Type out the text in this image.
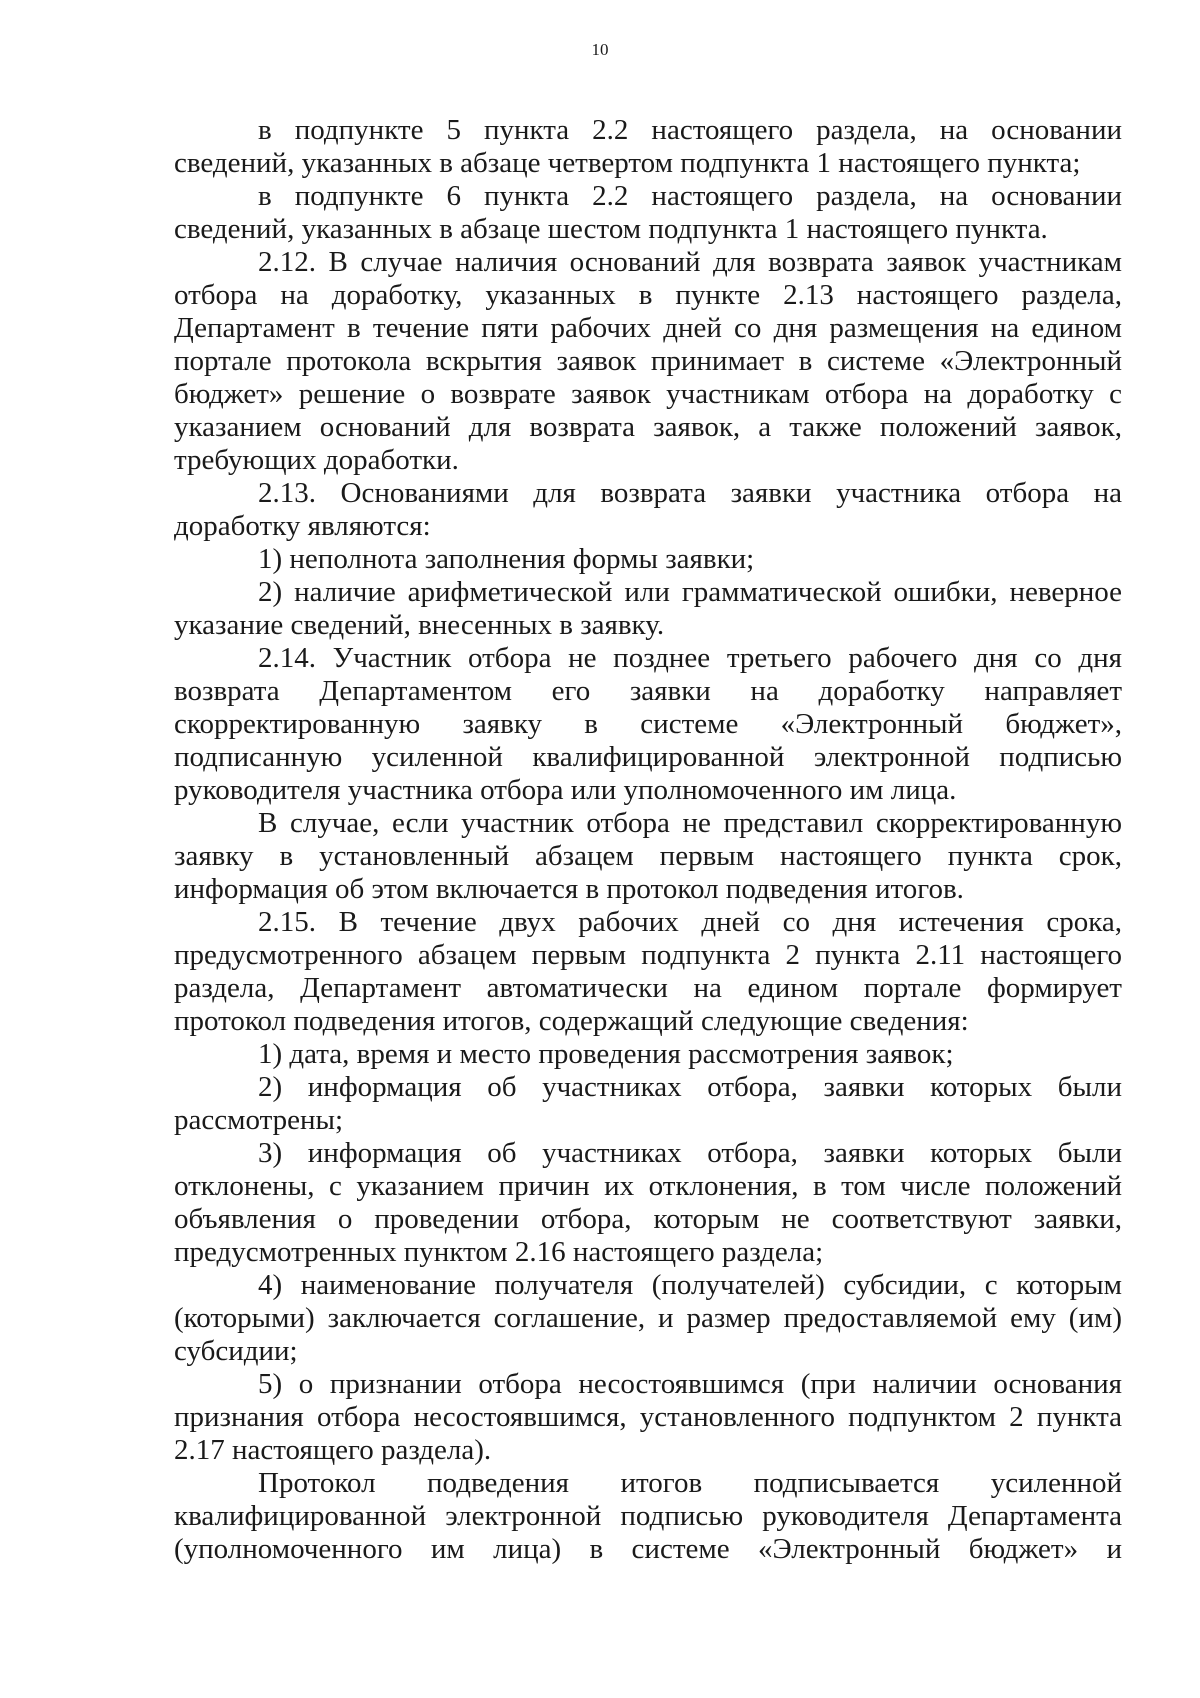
10

в подпункте 5 пункта 2.2 настоящего раздела, на основании сведений, указанных в абзаце четвертом подпункта 1 настоящего пункта;

в подпункте 6 пункта 2.2 настоящего раздела, на основании сведений, указанных в абзаце шестом подпункта 1 настоящего пункта.

2.12. В случае наличия оснований для возврата заявок участникам отбора на доработку, указанных в пункте 2.13 настоящего раздела, Департамент в течение пяти рабочих дней со дня размещения на едином портале протокола вскрытия заявок принимает в системе «Электронный бюджет» решение о возврате заявок участникам отбора на доработку с указанием оснований для возврата заявок, а также положений заявок, требующих доработки.

2.13. Основаниями для возврата заявки участника отбора на доработку являются:

1) неполнота заполнения формы заявки;

2) наличие арифметической или грамматической ошибки, неверное указание сведений, внесенных в заявку.

2.14. Участник отбора не позднее третьего рабочего дня со дня возврата Департаментом его заявки на доработку направляет скорректированную заявку в системе «Электронный бюджет», подписанную усиленной квалифицированной электронной подписью руководителя участника отбора или уполномоченного им лица.

В случае, если участник отбора не представил скорректированную заявку в установленный абзацем первым настоящего пункта срок, информация об этом включается в протокол подведения итогов.

2.15. В течение двух рабочих дней со дня истечения срока, предусмотренного абзацем первым подпункта 2 пункта 2.11 настоящего раздела, Департамент автоматически на едином портале формирует протокол подведения итогов, содержащий следующие сведения:

1) дата, время и место проведения рассмотрения заявок;

2) информация об участниках отбора, заявки которых были рассмотрены;

3) информация об участниках отбора, заявки которых были отклонены, с указанием причин их отклонения, в том числе положений объявления о проведении отбора, которым не соответствуют заявки, предусмотренных пунктом 2.16 настоящего раздела;

4) наименование получателя (получателей) субсидии, с которым (которыми) заключается соглашение, и размер предоставляемой ему (им) субсидии;

5) о признании отбора несостоявшимся (при наличии основания признания отбора несостоявшимся, установленного подпунктом 2 пункта 2.17 настоящего раздела).

Протокол подведения итогов подписывается усиленной квалифицированной электронной подписью руководителя Департамента (уполномоченного им лица) в системе «Электронный бюджет» и
